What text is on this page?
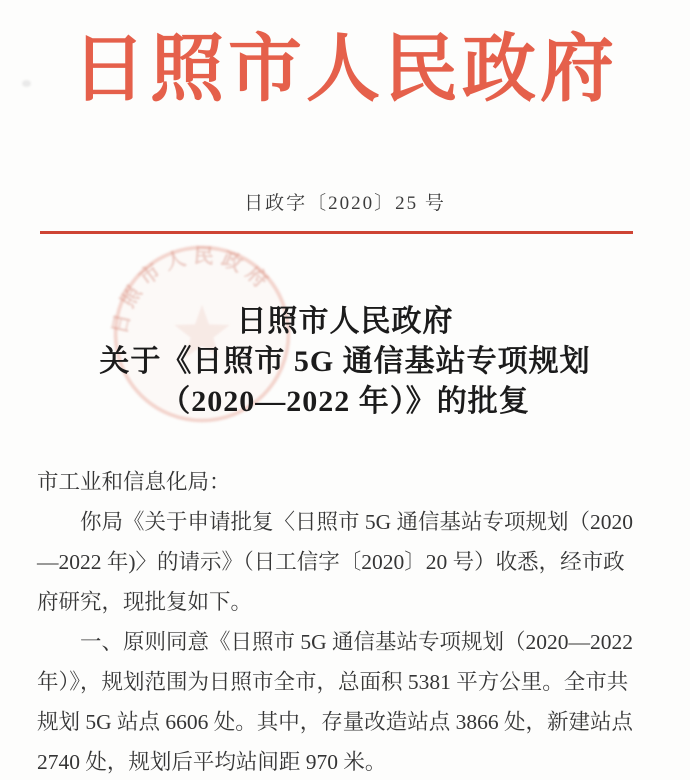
日照市人民政府
日政字〔2020〕25 号
日照市人民政府
日照市人民政府
关于《日照市 5G 通信基站专项规划
（2020—2022 年）》的批复
市工业和信息化局：
你局《关于申请批复〈日照市 5G 通信基站专项规划（2020
—2022 年)〉的请示》（日工信字〔2020〕20 号）收悉，经市政
府研究，现批复如下。
一、原则同意《日照市 5G 通信基站专项规划（2020—2022
年）》，规划范围为日照市全市，总面积 5381 平方公里。全市共
规划 5G 站点 6606 处。其中，存量改造站点 3866 处，新建站点
2740 处，规划后平均站间距 970 米。
